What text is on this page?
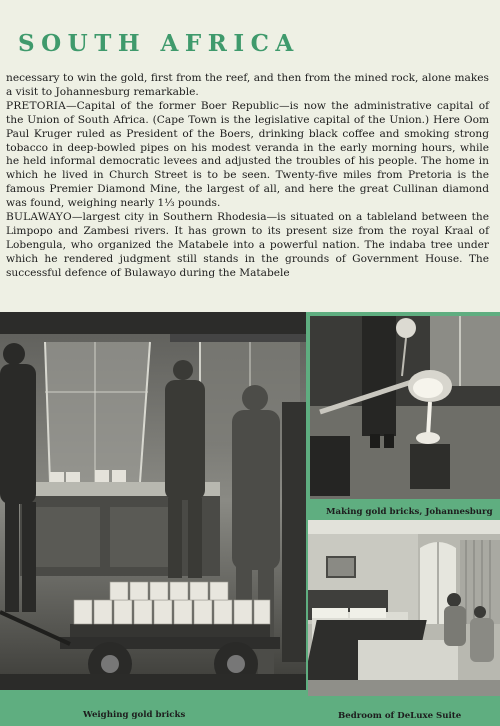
SOUTH AFRICA

necessary to win the gold, first from the reef, and then from the mined rock, alone makes a visit to Johannesburg remarkable.

PRETORIA—Capital of the former Boer Republic—is now the administrative capital of the Union of South Africa. (Cape Town is the legislative capital of the Union.) Here Oom Paul Kruger ruled as President of the Boers, drinking black coffee and smoking strong tobacco in deep-bowled pipes on his modest veranda in the early morning hours, while he held informal democratic levees and adjusted the troubles of his people. The home in which he lived in Church Street is to be seen. Twenty-five miles from Pretoria is the famous Premier Diamond Mine, the largest of all, and here the great Cullinan diamond was found, weighing nearly 1⅓ pounds.

BULAWAYO—largest city in Southern Rhodesia—is situated on a tableland between the Limpopo and Zambesi rivers. It has grown to its present size from the royal Kraal of Lobengula, who organized the Matabele into a powerful nation. The indaba tree under which he rendered judgment still stands in the grounds of Government House. The successful defence of Bulawayo during the Matabele

Making gold bricks, Johannesburg
Weighing gold bricks	Bedroom of DeLuxe Suite
